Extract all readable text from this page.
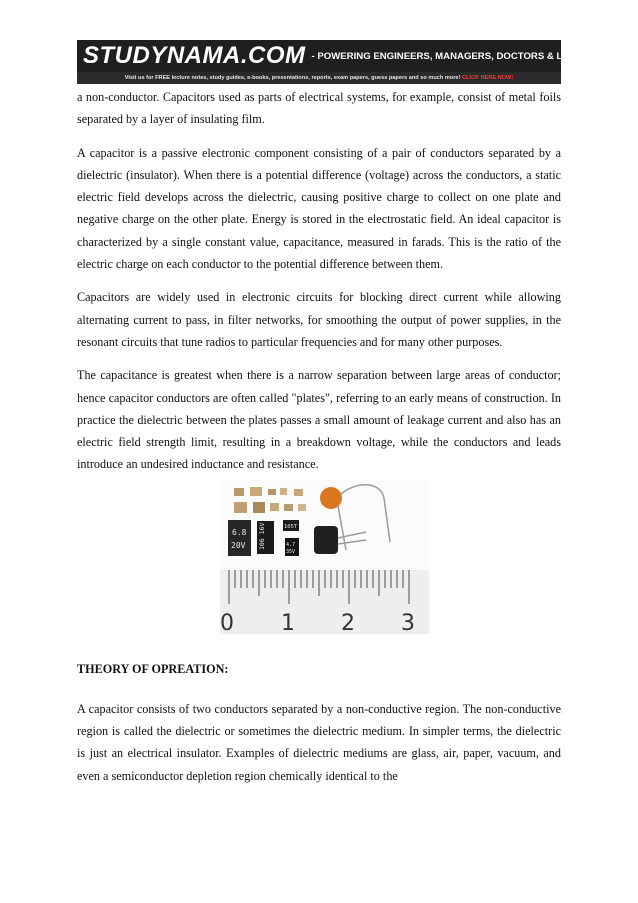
STUDYNAMA.COM - POWERING ENGINEERS, MANAGERS, DOCTORS & LAWYERS.
Visit us for FREE lecture notes, study guides, e-books, presentations, reports, exam papers, guess papers and so much more! CLICK HERE NOW!

a non-conductor. Capacitors used as parts of electrical systems, for example, consist of metal foils separated by a layer of insulating film.

A capacitor is a passive electronic component consisting of a pair of conductors separated by a dielectric (insulator). When there is a potential difference (voltage) across the conductors, a static electric field develops across the dielectric, causing positive charge to collect on one plate and negative charge on the other plate. Energy is stored in the electrostatic field. An ideal capacitor is characterized by a single constant value, capacitance, measured in farads. This is the ratio of the electric charge on each conductor to the potential difference between them.

Capacitors are widely used in electronic circuits for blocking direct current while allowing alternating current to pass, in filter networks, for smoothing the output of power supplies, in the resonant circuits that tune radios to particular frequencies and for many other purposes.

The capacitance is greatest when there is a narrow separation between large areas of conductor; hence capacitor conductors are often called "plates", referring to an early means of construction. In practice the dielectric between the plates passes a small amount of leakage current and also has an electric field strength limit, resulting in a breakdown voltage, while the conductors and leads introduce an undesired inductance and resistance.

6.8
20V 106 16V	105T
4.7
35V
0 1 2 3

THEORY OF OPREATION:

A capacitor consists of two conductors separated by a non-conductive region. The non-conductive region is called the dielectric or sometimes the dielectric medium. In simpler terms, the dielectric is just an electrical insulator. Examples of dielectric mediums are glass, air, paper, vacuum, and even a semiconductor depletion region chemically identical to the
